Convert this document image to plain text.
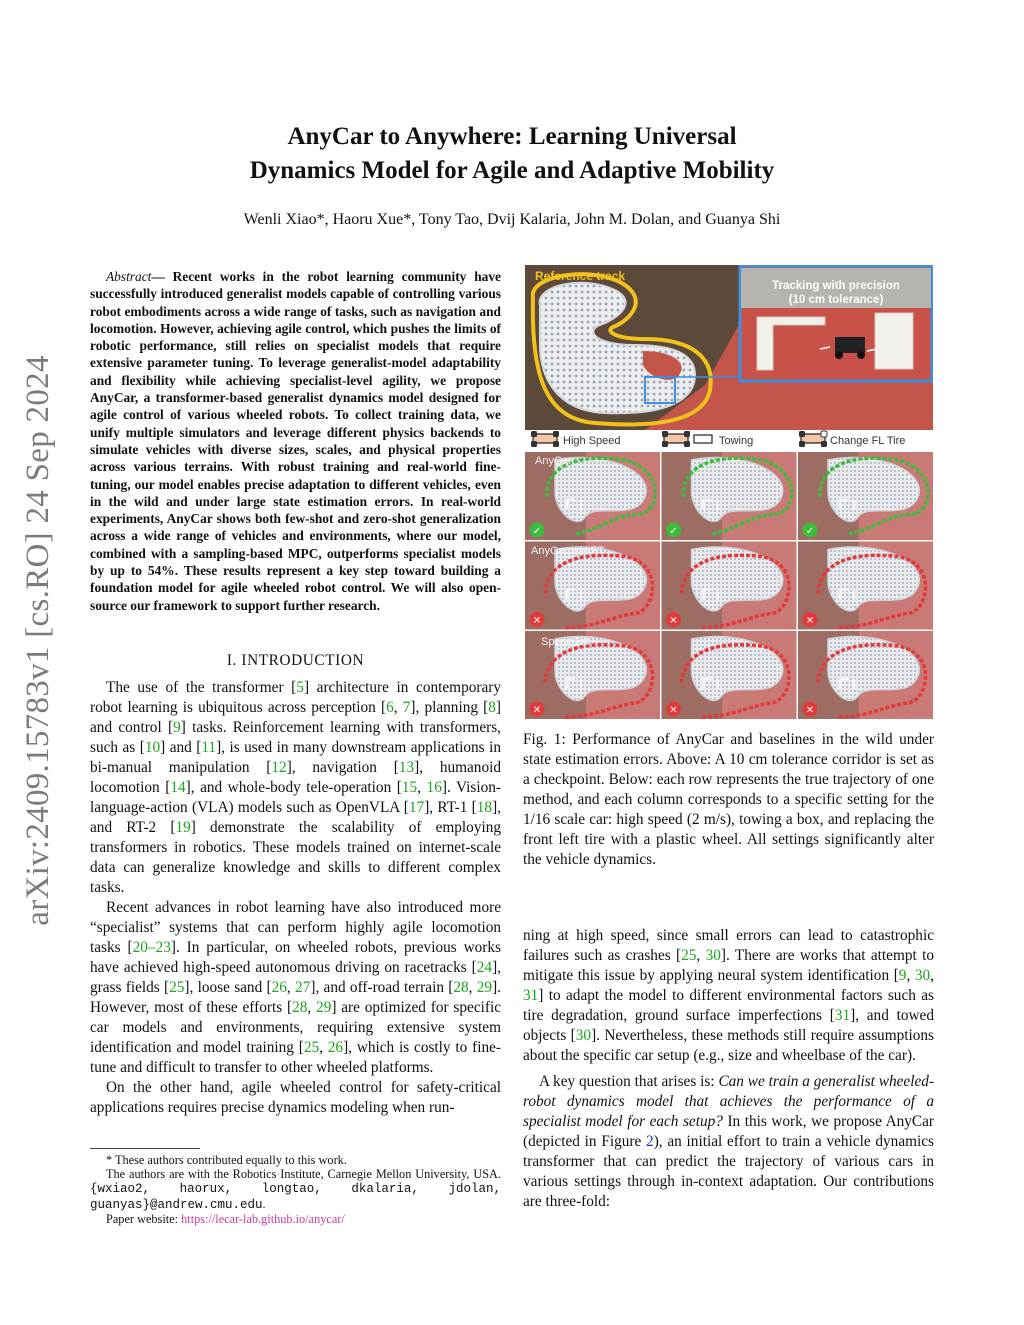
arXiv:2409.15783v1 [cs.RO] 24 Sep 2024
AnyCar to Anywhere: Learning Universal
Dynamics Model for Agile and Adaptive Mobility
Wenli Xiao*, Haoru Xue*, Tony Tao, Dvij Kalaria, John M. Dolan, and Guanya Shi
Abstract— Recent works in the robot learning community have successfully introduced generalist models capable of controlling various robot embodiments across a wide range of tasks, such as navigation and locomotion. However, achieving agile control, which pushes the limits of robotic performance, still relies on specialist models that require extensive parameter tuning. To leverage generalist-model adaptability and flexibility while achieving specialist-level agility, we propose AnyCar, a transformer-based generalist dynamics model designed for agile control of various wheeled robots. To collect training data, we unify multiple simulators and leverage different physics backends to simulate vehicles with diverse sizes, scales, and physical properties across various terrains. With robust training and real-world fine-tuning, our model enables precise adaptation to different vehicles, even in the wild and under large state estimation errors. In real-world experiments, AnyCar shows both few-shot and zero-shot generalization across a wide range of vehicles and environments, where our model, combined with a sampling-based MPC, outperforms specialist models by up to 54%. These results represent a key step toward building a foundation model for agile wheeled robot control. We will also open-source our framework to support further research.
I. INTRODUCTION

The use of the transformer [5] architecture in contemporary robot learning is ubiquitous across perception [6, 7], planning [8] and control [9] tasks. Reinforcement learning with transformers, such as [10] and [11], is used in many downstream applications in bi-manual manipulation [12], navigation [13], humanoid locomotion [14], and whole-body tele-operation [15, 16]. Vision-language-action (VLA) models such as OpenVLA [17], RT-1 [18], and RT-2 [19] demonstrate the scalability of employing transformers in robotics. These models trained on internet-scale data can generalize knowledge and skills to different complex tasks.

Recent advances in robot learning have also introduced more “specialist” systems that can perform highly agile locomotion tasks [20–23]. In particular, on wheeled robots, previous works have achieved high-speed autonomous driving on racetracks [24], grass fields [25], loose sand [26, 27], and off-road terrain [28, 29]. However, most of these efforts [28, 29] are optimized for specific car models and environments, requiring extensive system identification and model training [25, 26], which is costly to fine-tune and difficult to transfer to other wheeled platforms.

On the other hand, agile wheeled control for safety-critical applications requires precise dynamics modeling when run-

* These authors contributed equally to this work.
The authors are with the Robotics Institute, Carnegie Mellon University, USA. {wxiao2, haorux, longtao, dkalaria, jdolan, guanyas}@andrew.cmu.edu.
Paper website: https://lecar-lab.github.io/anycar/
Reference track
Tracking with precision
(10 cm tolerance)
High Speed	Towing	Change FL Tire
✓	✓	✓
✕	✕	✕
✕	✕	✕
AnyCar
AnyCar w/o FT
Specialist
Fig. 1: Performance of AnyCar and baselines in the wild under state estimation errors. Above: A 10 cm tolerance corridor is set as a checkpoint. Below: each row represents the true trajectory of one method, and each column corresponds to a specific setting for the 1/16 scale car: high speed (2 m/s), towing a box, and replacing the front left tire with a plastic wheel. All settings significantly alter the vehicle dynamics.

ning at high speed, since small errors can lead to catastrophic failures such as crashes [25, 30]. There are works that attempt to mitigate this issue by applying neural system identification [9, 30, 31] to adapt the model to different environmental factors such as tire degradation, ground surface imperfections [31], and towed objects [30]. Nevertheless, these methods still require assumptions about the specific car setup (e.g., size and wheelbase of the car).

A key question that arises is: Can we train a generalist wheeled-robot dynamics model that achieves the performance of a specialist model for each setup? In this work, we propose AnyCar (depicted in Figure 2), an initial effort to train a vehicle dynamics transformer that can predict the trajectory of various cars in various settings through in-context adaptation. Our contributions are three-fold:
